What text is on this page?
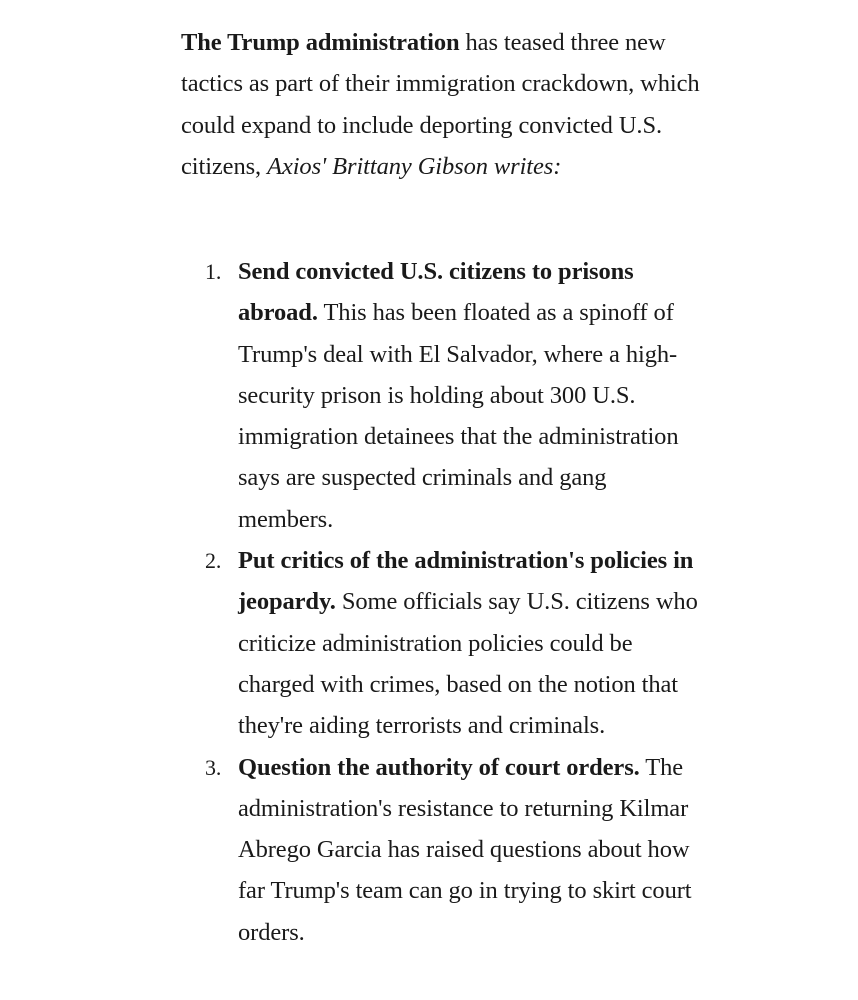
The Trump administration has teased three new tactics as part of their immigration crackdown, which could expand to include deporting convicted U.S. citizens, Axios' Brittany Gibson writes:

1. Send convicted U.S. citizens to prisons abroad. This has been floated as a spinoff of Trump's deal with El Salvador, where a high-security prison is holding about 300 U.S. immigration detainees that the administration says are suspected criminals and gang members.
2. Put critics of the administration's policies in jeopardy. Some officials say U.S. citizens who criticize administration policies could be charged with crimes, based on the notion that they're aiding terrorists and criminals.
3. Question the authority of court orders. The administration's resistance to returning Kilmar Abrego Garcia has raised questions about how far Trump's team can go in trying to skirt court orders.
